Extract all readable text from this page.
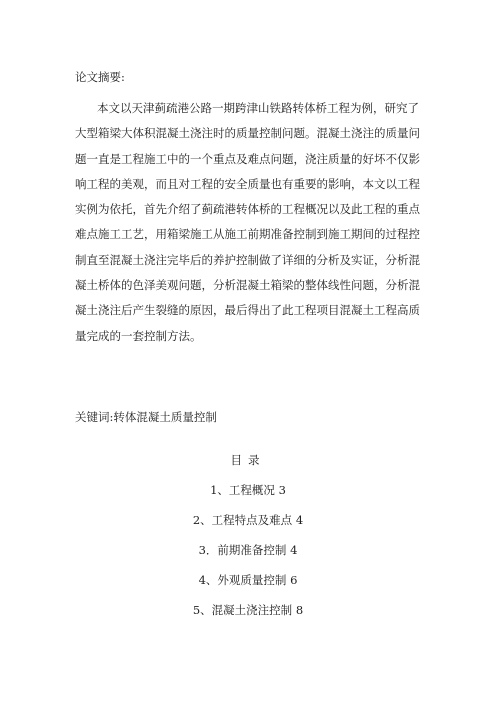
论文摘要:
本文以天津蓟疏港公路一期跨津山铁路转体桥工程为例，研究了
大型箱梁大体积混凝土浇注时的质量控制问题。混凝土浇注的质量问
题一直是工程施工中的一个重点及难点问题，浇注质量的好坏不仅影
响工程的美观，而且对工程的安全质量也有重要的影响，本文以工程
实例为依托，首先介绍了蓟疏港转体桥的工程概况以及此工程的重点
难点施工工艺，用箱梁施工从施工前期准备控制到施工期间的过程控
制直至混凝土浇注完毕后的养护控制做了详细的分析及实证，分析混
凝土桥体的色泽美观问题，分析混凝土箱梁的整体线性问题，分析混
凝土浇注后产生裂缝的原因，最后得出了此工程项目混凝土工程高质
量完成的一套控制方法。
关键词:转体混凝土质量控制
目录
1、工程概况 3
2、工程特点及难点 4
3．前期准备控制 4
4、外观质量控制 6
5、混凝土浇注控制 8
